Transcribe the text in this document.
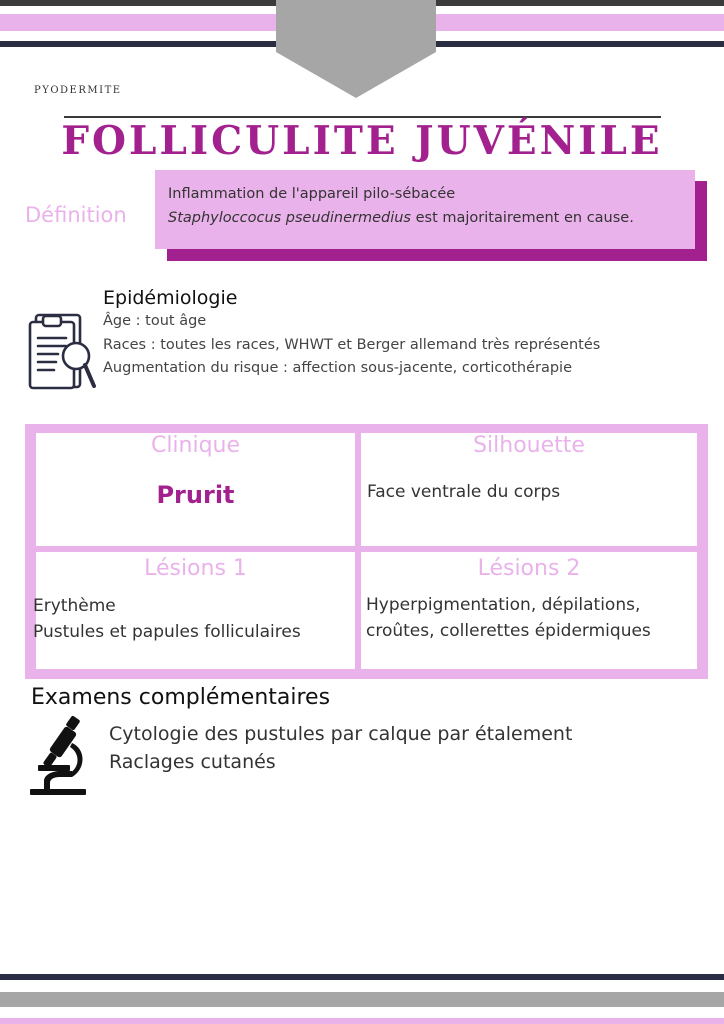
PYODERMITE
FOLLICULITE JUVÉNILE
Définition
Inflammation de l'appareil pilo-sébacée
Staphyloccocus pseudinermedius est majoritairement en cause.
Epidémiologie
Âge : tout âge
Races : toutes les races, WHWT et Berger allemand très représentés
Augmentation du risque : affection sous-jacente, corticothérapie
Clinique
Prurit
Silhouette
Face ventrale du corps
Lésions 1
Erythème
Pustules et papules folliculaires
Lésions 2
Hyperpigmentation, dépilations,
croûtes, collerettes épidermiques
Examens complémentaires
Cytologie des pustules par calque par étalement
Raclages cutanés
